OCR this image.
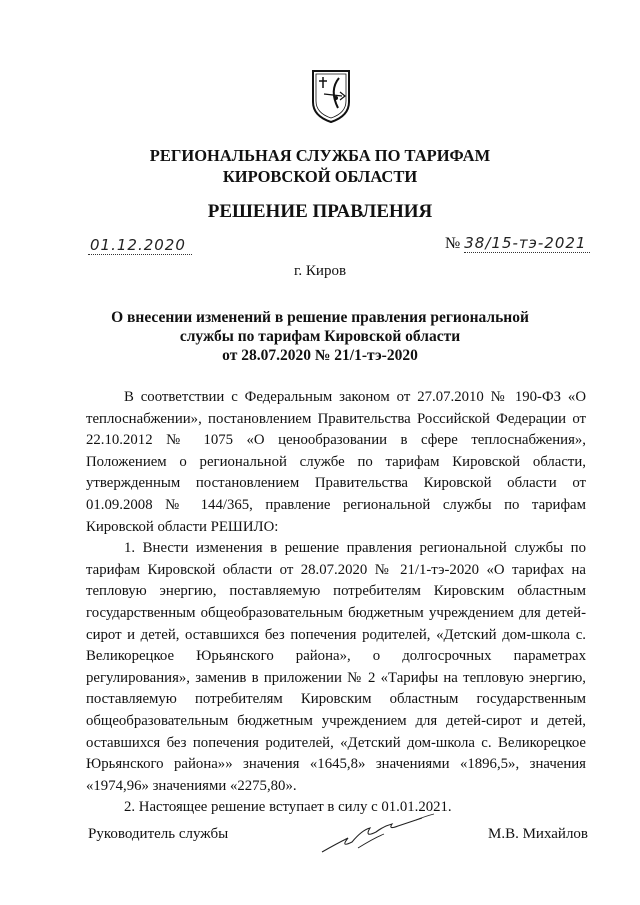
РЕГИОНАЛЬНАЯ СЛУЖБА ПО ТАРИФАМ
КИРОВСКОЙ ОБЛАСТИ
РЕШЕНИЕ ПРАВЛЕНИЯ
01.12.2020	№ 38/15-тэ-2021
г. Киров
О внесении изменений в решение правления региональной
службы по тарифам Кировской области
от 28.07.2020 № 21/1-тэ-2020

В соответствии с Федеральным законом от 27.07.2010 № 190-ФЗ «О теплоснабжении», постановлением Правительства Российской Федерации от 22.10.2012 № 1075 «О ценообразовании в сфере теплоснабжения», Положением о региональной службе по тарифам Кировской области, утвержденным постановлением Правительства Кировской области от 01.09.2008 № 144/365, правление региональной службы по тарифам Кировской области РЕШИЛО:

1. Внести изменения в решение правления региональной службы по тарифам Кировской области от 28.07.2020 № 21/1-тэ-2020 «О тарифах на тепловую энергию, поставляемую потребителям Кировским областным государственным общеобразовательным бюджетным учреждением для детей-сирот и детей, оставшихся без попечения родителей, «Детский дом-школа с. Великорецкое Юрьянского района», о долгосрочных параметрах регулирования», заменив в приложении № 2 «Тарифы на тепловую энергию, поставляемую потребителям Кировским областным государственным общеобразовательным бюджетным учреждением для детей-сирот и детей, оставшихся без попечения родителей, «Детский дом-школа с. Великорецкое Юрьянского района»» значения «1645,8» значениями «1896,5», значения «1974,96» значениями «2275,80».

2. Настоящее решение вступает в силу с 01.01.2021.

Руководитель службы	М.В. Михайлов
